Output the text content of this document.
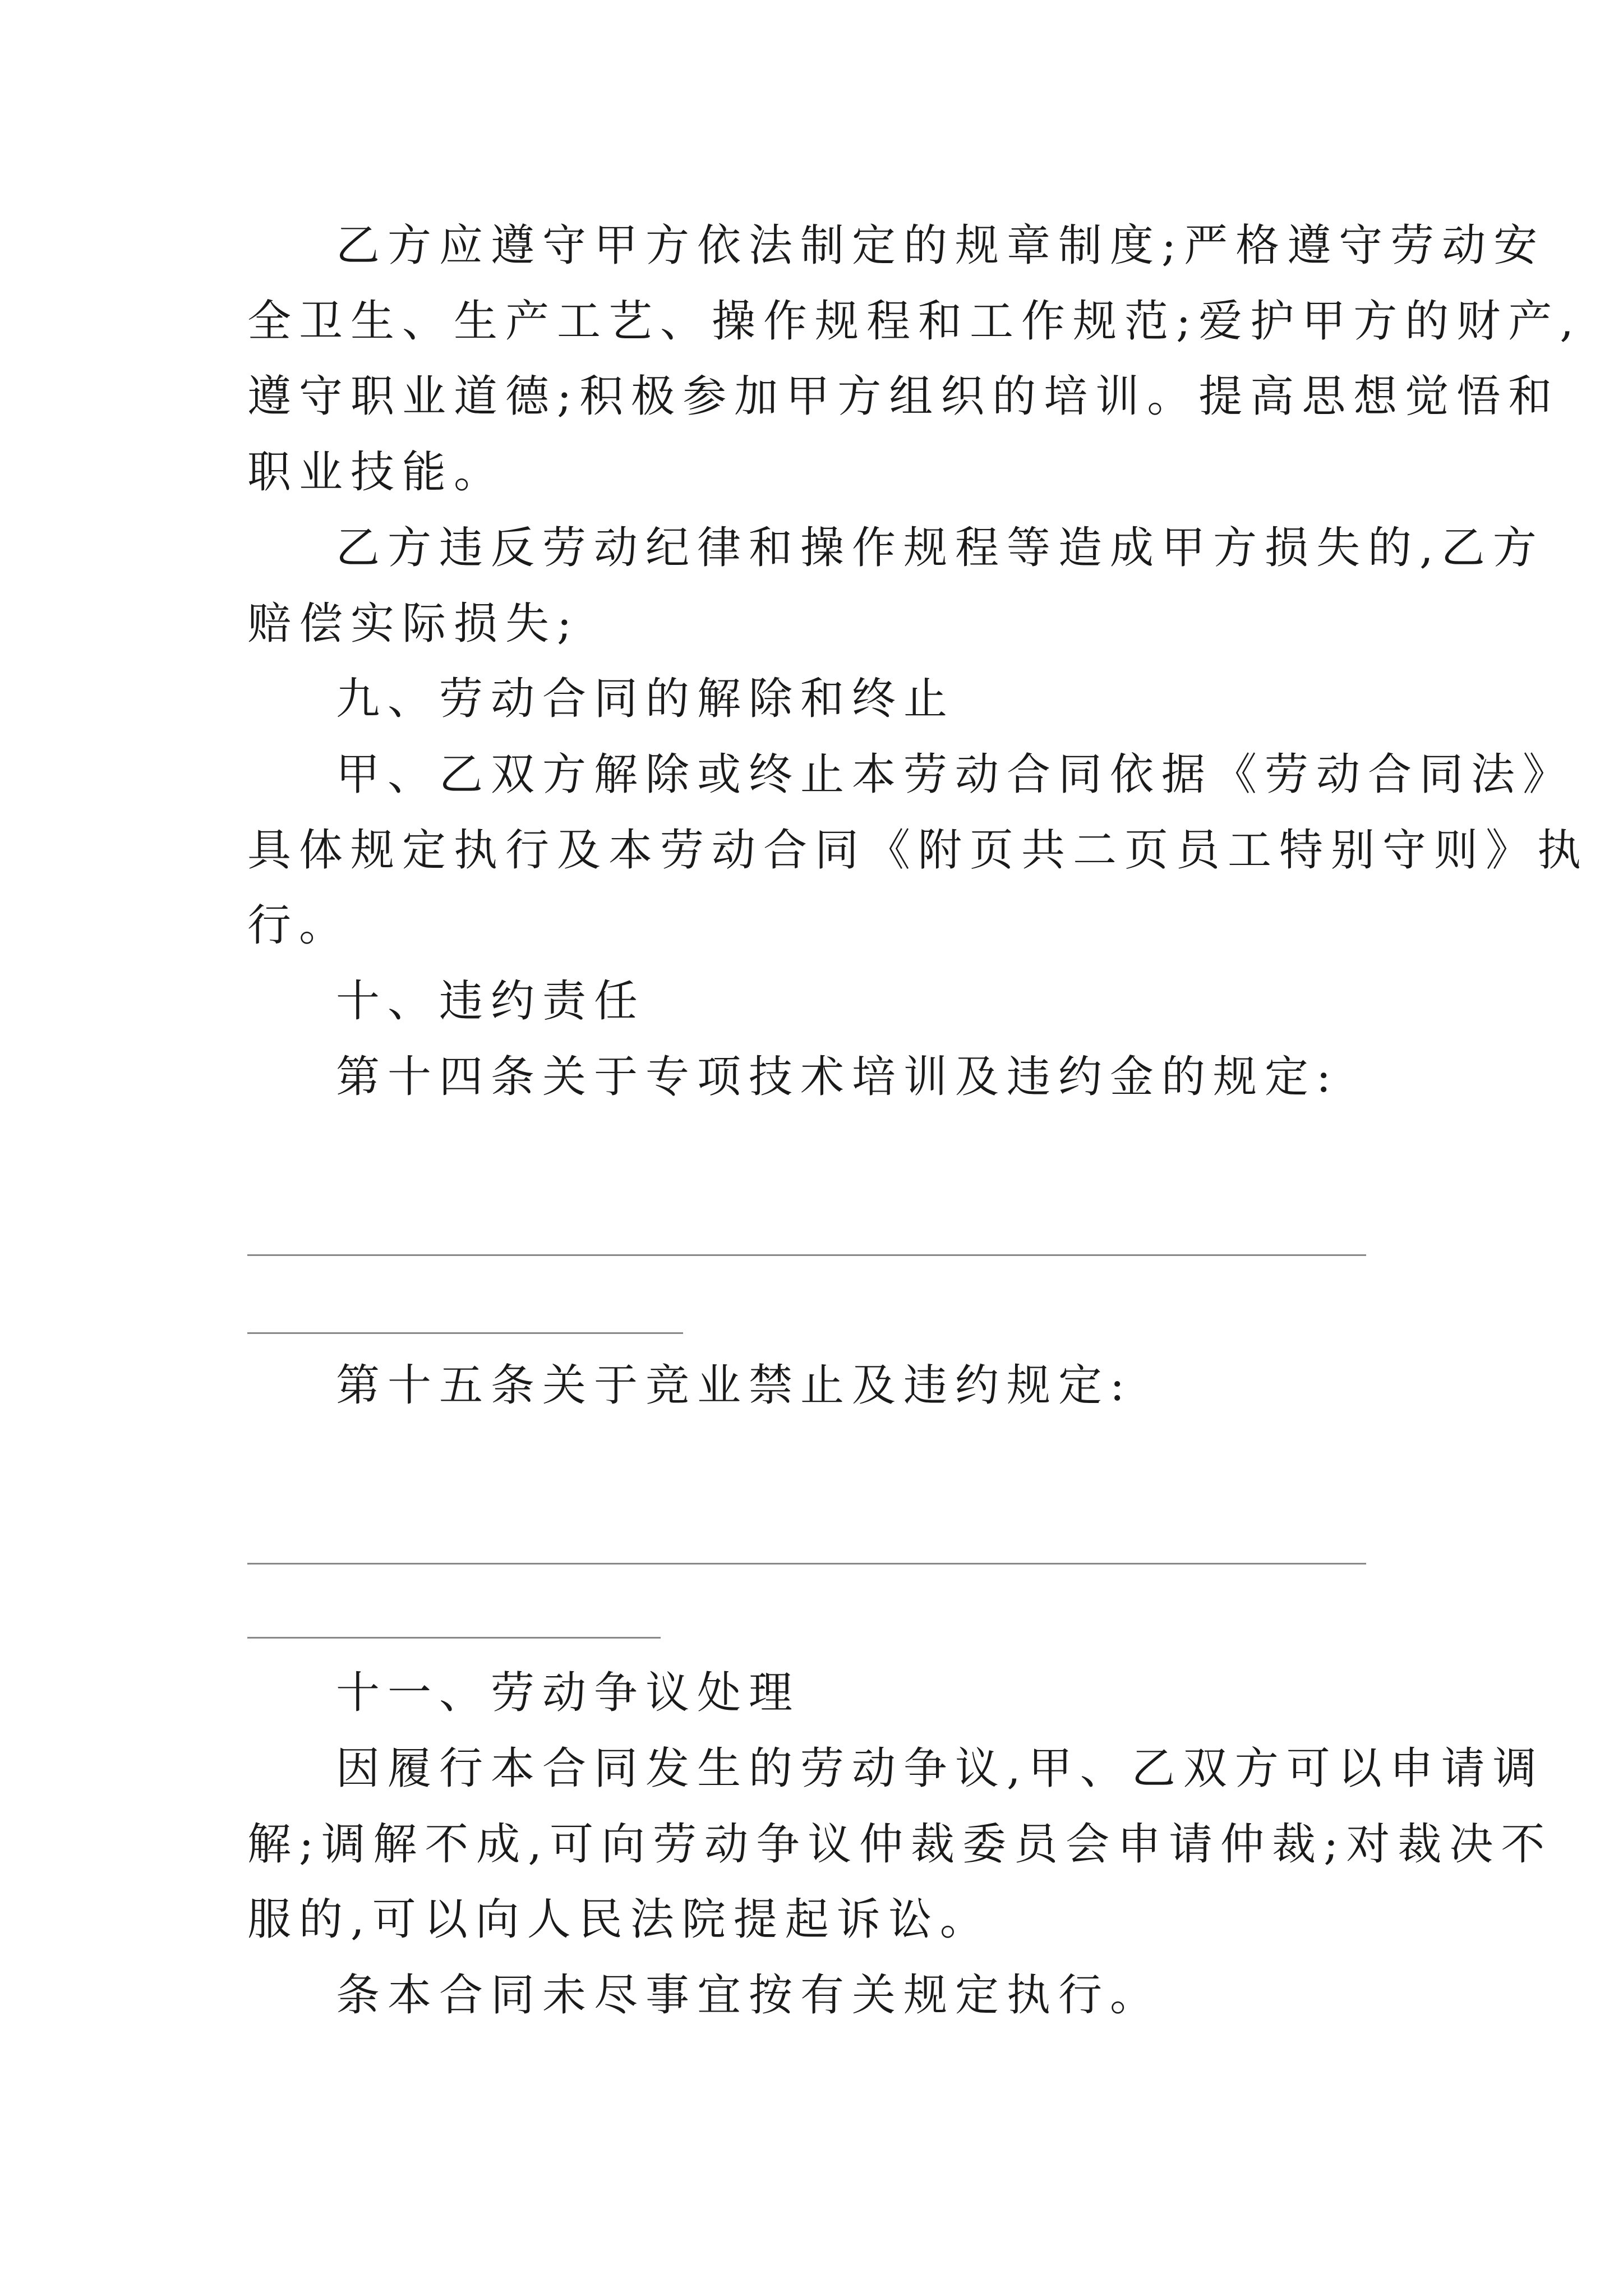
乙方应遵守甲方依法制定的规章制度;严格遵守劳动安

全卫生、生产工艺、操作规程和工作规范;爱护甲方的财产,

遵守职业道德;积极参加甲方组织的培训。提高思想觉悟和

职业技能。

乙方违反劳动纪律和操作规程等造成甲方损失的,乙方

赔偿实际损失;

九、劳动合同的解除和终止

甲、乙双方解除或终止本劳动合同依据《劳动合同法》

具体规定执行及本劳动合同《附页共二页员工特别守则》执

行。

十、违约责任

第十四条关于专项技术培训及违约金的规定:

第十五条关于竞业禁止及违约规定:

十一、劳动争议处理

因履行本合同发生的劳动争议,甲、乙双方可以申请调

解;调解不成,可向劳动争议仲裁委员会申请仲裁;对裁决不

服的,可以向人民法院提起诉讼。

条本合同未尽事宜按有关规定执行。
